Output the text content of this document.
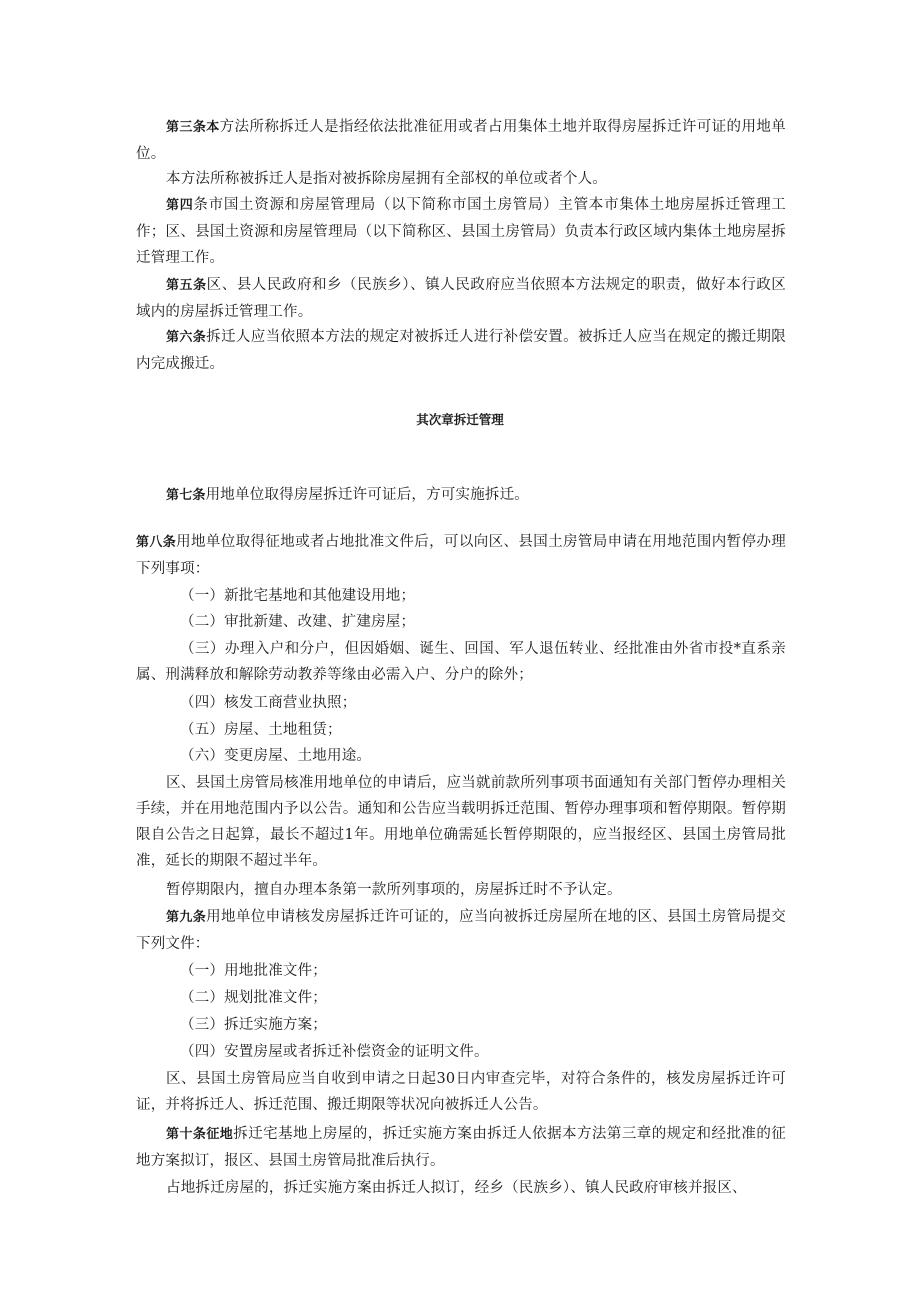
第三条本方法所称拆迁人是指经依法批准征用或者占用集体土地并取得房屋拆迁许可证的用地单位。

本方法所称被拆迁人是指对被拆除房屋拥有全部权的单位或者个人。

第四条市国土资源和房屋管理局（以下简称市国土房管局）主管本市集体土地房屋拆迁管理工作；区、县国土资源和房屋管理局（以下简称区、县国土房管局）负责本行政区域内集体土地房屋拆迁管理工作。

第五条区、县人民政府和乡（民族乡）、镇人民政府应当依照本方法规定的职责，做好本行政区域内的房屋拆迁管理工作。

第六条拆迁人应当依照本方法的规定对被拆迁人进行补偿安置。被拆迁人应当在规定的搬迁期限内完成搬迁。

其次章拆迁管理

第七条用地单位取得房屋拆迁许可证后，方可实施拆迁。

第八条用地单位取得征地或者占地批准文件后，可以向区、县国土房管局申请在用地范围内暂停办理下列事项：

（一）新批宅基地和其他建设用地；

（二）审批新建、改建、扩建房屋；

（三）办理入户和分户，但因婚姻、诞生、回国、军人退伍转业、经批准由外省市投*直系亲属、刑满释放和解除劳动教养等缘由必需入户、分户的除外；

（四）核发工商营业执照；

（五）房屋、土地租赁；

（六）变更房屋、土地用途。

区、县国土房管局核准用地单位的申请后，应当就前款所列事项书面通知有关部门暂停办理相关手续，并在用地范围内予以公告。通知和公告应当载明拆迁范围、暂停办理事项和暂停期限。暂停期限自公告之日起算，最长不超过1年。用地单位确需延长暂停期限的，应当报经区、县国土房管局批准，延长的期限不超过半年。

暂停期限内，擅自办理本条第一款所列事项的，房屋拆迁时不予认定。

第九条用地单位申请核发房屋拆迁许可证的，应当向被拆迁房屋所在地的区、县国土房管局提交下列文件：

（一）用地批准文件；

（二）规划批准文件；

（三）拆迁实施方案；

（四）安置房屋或者拆迁补偿资金的证明文件。

区、县国土房管局应当自收到申请之日起30日内审查完毕，对符合条件的，核发房屋拆迁许可证，并将拆迁人、拆迁范围、搬迁期限等状况向被拆迁人公告。

第十条征地拆迁宅基地上房屋的，拆迁实施方案由拆迁人依据本方法第三章的规定和经批准的征地方案拟订，报区、县国土房管局批准后执行。

占地拆迁房屋的，拆迁实施方案由拆迁人拟订，经乡（民族乡）、镇人民政府审核并报区、
